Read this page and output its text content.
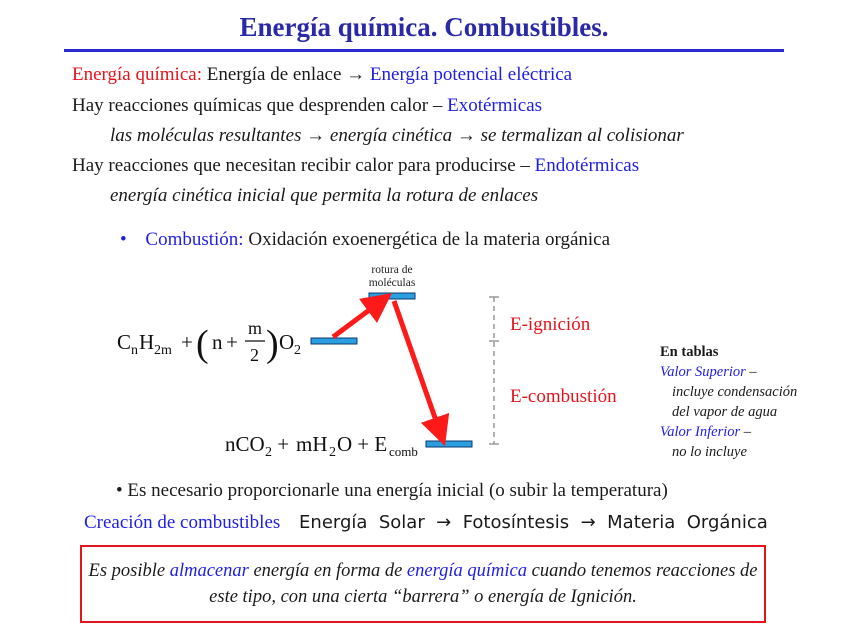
Energía química. Combustibles.
Energía química: Energía de enlace → Energía potencial eléctrica
Hay reacciones químicas que desprenden calor – Exotérmicas
las moléculas resultantes → energía cinética → se termalizan al colisionar
Hay reacciones que necesitan recibir calor para producirse – Endotérmicas
energía cinética inicial que permita la rotura de enlaces
• Combustión: Oxidación exoenergética de la materia orgánica
rotura de
moléculas
E-ignición
E-combustión
C n H 2m + ( n +
m
2 ) O 2
nCO 2 + mH 2 O + E comb
En tablas
Valor Superior –
incluye condensación
del vapor de agua
Valor Inferior –
no lo incluye
• Es necesario proporcionarle una energía inicial (o subir la temperatura)
Creación de combustibles Energía  Solar  →  Fotosíntesis  →  Materia  Orgánica

Es posible almacenar energía en forma de energía química cuando tenemos reacciones de este tipo, con una cierta “barrera” o energía de Ignición.
